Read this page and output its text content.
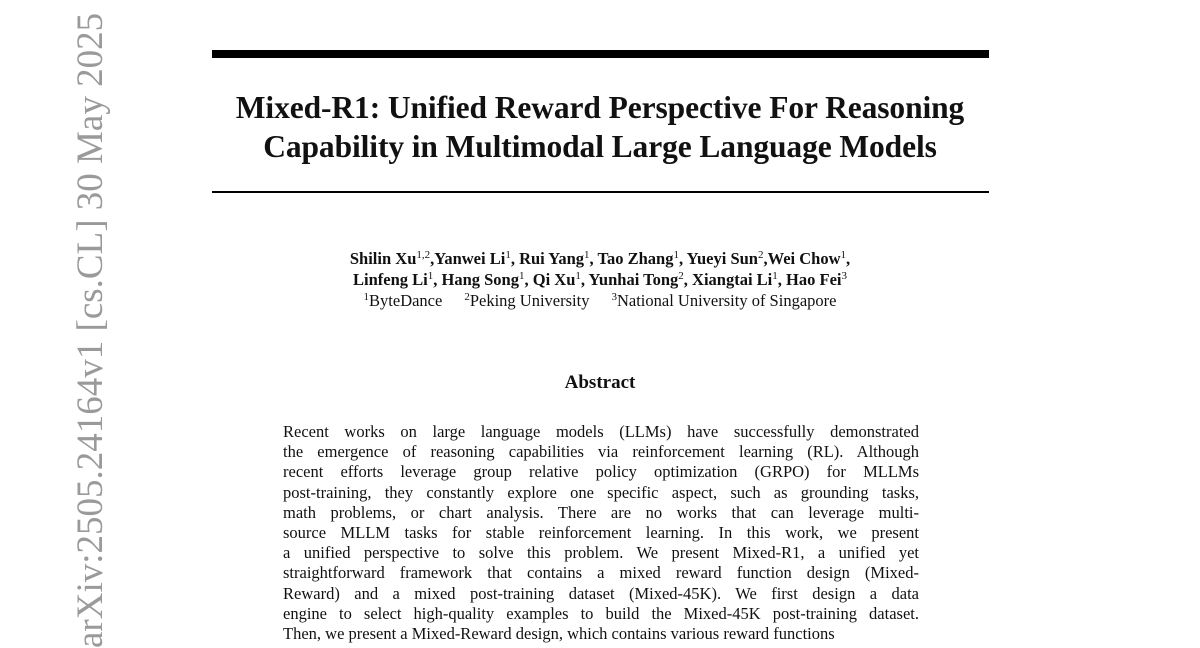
Mixed-R1: Unified Reward Perspective For Reasoning
Capability in Multimodal Large Language Models
Shilin Xu$^{1,2}$,Yanwei Li$^1$, Rui Yang$^1$, Tao Zhang$^1$, Yueyi Sun$^2$,Wei Chow$^1$,
Linfeng Li$^1$, Hang Song$^1$, Qi Xu$^1$, Yunhai Tong$^2$, Xiangtai Li$^1$, Hao Fei$^3$
$^1$ByteDance $^2$Peking University $^3$National University of Singapore
Abstract
Recent works on large language models (LLMs) have successfully demonstrated
the emergence of reasoning capabilities via reinforcement learning (RL). Although
recent efforts leverage group relative policy optimization (GRPO) for MLLMs
post-training, they constantly explore one specific aspect, such as grounding tasks,
math problems, or chart analysis. There are no works that can leverage multi-
source MLLM tasks for stable reinforcement learning. In this work, we present
a unified perspective to solve this problem. We present Mixed-R1, a unified yet
straightforward framework that contains a mixed reward function design (Mixed-
Reward) and a mixed post-training dataset (Mixed-45K). We first design a data
engine to select high-quality examples to build the Mixed-45K post-training dataset.
Then, we present a Mixed-Reward design, which contains various reward functions
arXiv:2505.24164v1 [cs.CL] 30 May 2025
